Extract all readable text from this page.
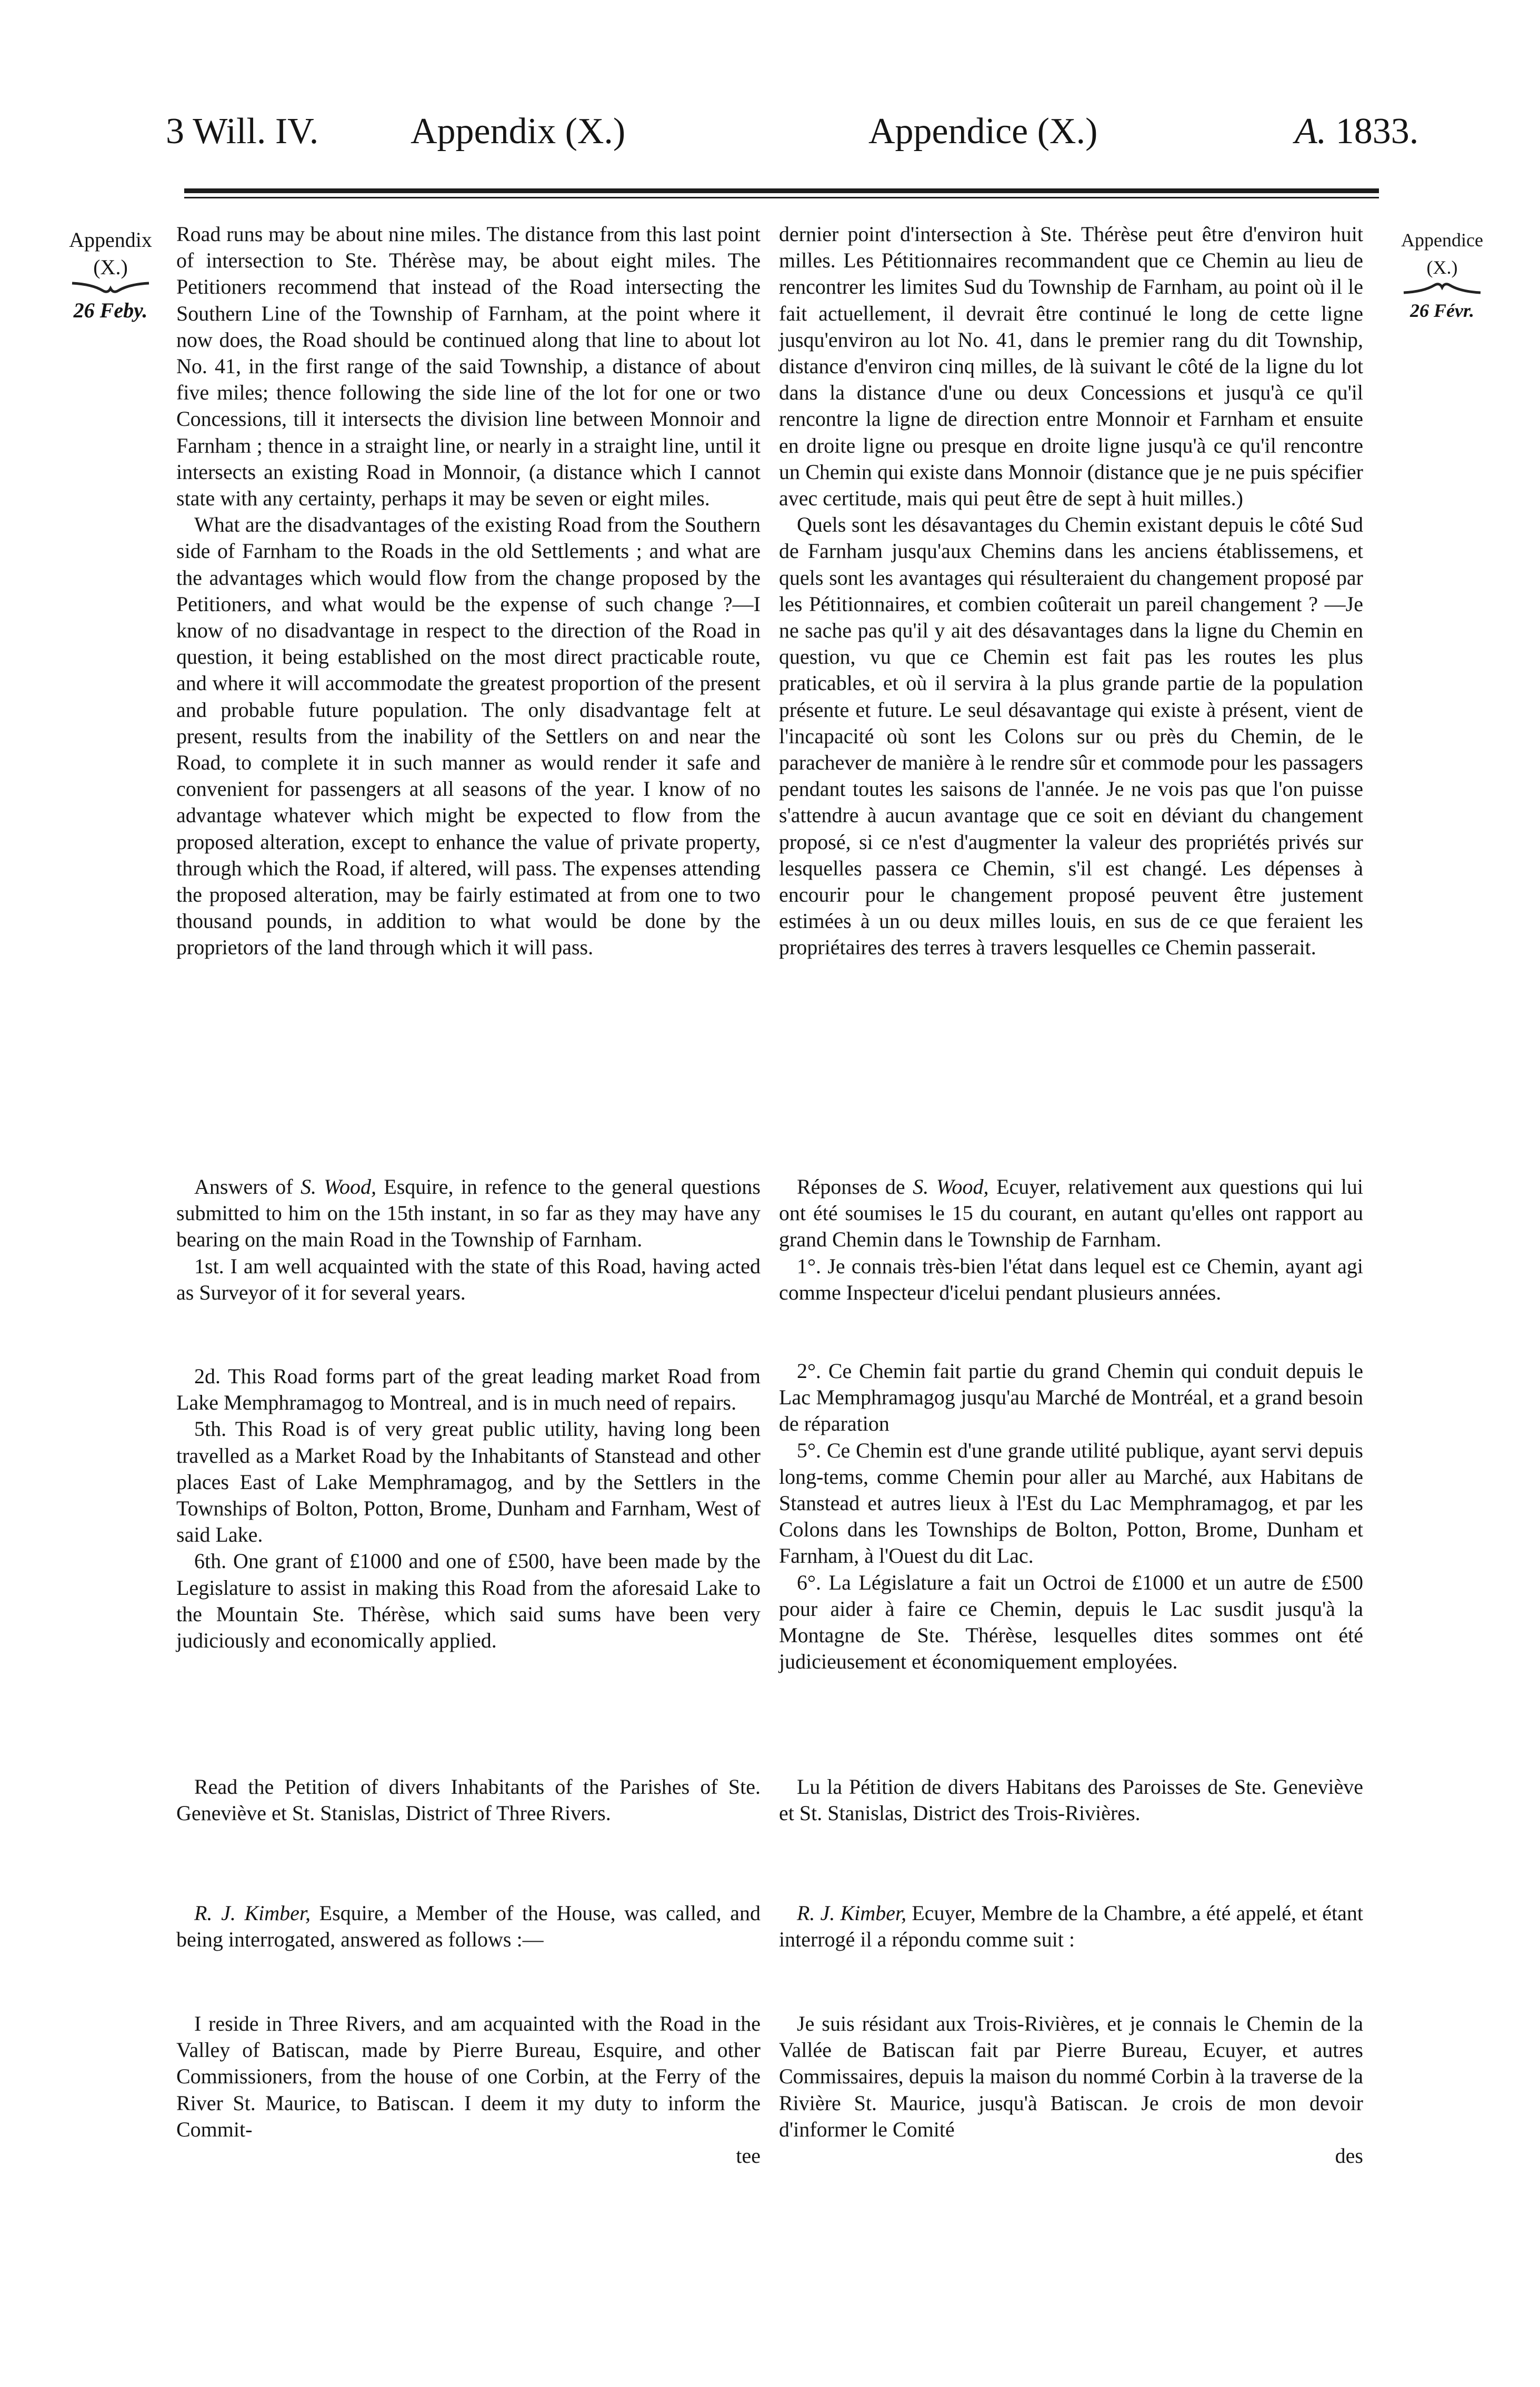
3 Will. IV. Appendix (X.)	Appendice (X.)	A. 1833.
Appendix
(X.)
26 Feby.
Appendice
(X.)
26 Févr.

Road runs may be about nine miles. The distance from this last point of intersection to Ste. Thérèse may, be about eight miles. The Petitioners recommend that instead of the Road intersecting the Southern Line of the Township of Farnham, at the point where it now does, the Road should be continued along that line to about lot No. 41, in the first range of the said Township, a distance of about five miles; thence following the side line of the lot for one or two Concessions, till it intersects the division line between Monnoir and Farnham ; thence in a straight line, or nearly in a straight line, until it intersects an existing Road in Monnoir, (a distance which I cannot state with any certainty, perhaps it may be seven or eight miles.

What are the disadvantages of the existing Road from the Southern side of Farnham to the Roads in the old Settlements ; and what are the advantages which would flow from the change proposed by the Petitioners, and what would be the expense of such change ?—I know of no disadvantage in respect to the direction of the Road in question, it being established on the most direct practicable route, and where it will accommodate the greatest proportion of the present and probable future population. The only disadvantage felt at present, results from the inability of the Settlers on and near the Road, to complete it in such manner as would render it safe and convenient for passengers at all seasons of the year. I know of no advantage whatever which might be expected to flow from the proposed alteration, except to enhance the value of private property, through which the Road, if altered, will pass. The expenses attending the proposed alteration, may be fairly estimated at from one to two thousand pounds, in addition to what would be done by the proprietors of the land through which it will pass.

Answers of S. Wood, Esquire, in refence to the general questions submitted to him on the 15th instant, in so far as they may have any bearing on the main Road in the Township of Farnham.

1st. I am well acquainted with the state of this Road, having acted as Surveyor of it for several years.

2d. This Road forms part of the great leading market Road from Lake Memphramagog to Montreal, and is in much need of repairs.

5th. This Road is of very great public utility, having long been travelled as a Market Road by the Inhabitants of Stanstead and other places East of Lake Memphramagog, and by the Settlers in the Townships of Bolton, Potton, Brome, Dunham and Farnham, West of said Lake.

6th. One grant of £1000 and one of £500, have been made by the Legislature to assist in making this Road from the aforesaid Lake to the Mountain Ste. Thérèse, which said sums have been very judiciously and economically applied.

Read the Petition of divers Inhabitants of the Parishes of Ste. Geneviève et St. Stanislas, District of Three Rivers.

R. J. Kimber, Esquire, a Member of the House, was called, and being interrogated, answered as follows :—

I reside in Three Rivers, and am acquainted with the Road in the Valley of Batiscan, made by Pierre Bureau, Esquire, and other Commissioners, from the house of one Corbin, at the Ferry of the River St. Maurice, to Batiscan. I deem it my duty to inform the Commit-

tee

dernier point d'intersection à Ste. Thérèse peut être d'environ huit milles. Les Pétitionnaires recommandent que ce Chemin au lieu de rencontrer les limites Sud du Township de Farnham, au point où il le fait actuellement, il devrait être continué le long de cette ligne jusqu'environ au lot No. 41, dans le premier rang du dit Township, distance d'environ cinq milles, de là suivant le côté de la ligne du lot dans la distance d'une ou deux Concessions et jusqu'à ce qu'il rencontre la ligne de direction entre Monnoir et Farnham et ensuite en droite ligne ou presque en droite ligne jusqu'à ce qu'il rencontre un Chemin qui existe dans Monnoir (distance que je ne puis spécifier avec certitude, mais qui peut être de sept à huit milles.)

Quels sont les désavantages du Chemin existant depuis le côté Sud de Farnham jusqu'aux Chemins dans les anciens établissemens, et quels sont les avantages qui résulteraient du changement proposé par les Pétitionnaires, et combien coûterait un pareil changement ? —Je ne sache pas qu'il y ait des désavantages dans la ligne du Chemin en question, vu que ce Chemin est fait pas les routes les plus praticables, et où il servira à la plus grande partie de la population présente et future. Le seul désavantage qui existe à présent, vient de l'incapacité où sont les Colons sur ou près du Chemin, de le parachever de manière à le rendre sûr et commode pour les passagers pendant toutes les saisons de l'année. Je ne vois pas que l'on puisse s'attendre à aucun avantage que ce soit en déviant du changement proposé, si ce n'est d'augmenter la valeur des propriétés privés sur lesquelles passera ce Chemin, s'il est changé. Les dépenses à encourir pour le changement proposé peuvent être justement estimées à un ou deux milles louis, en sus de ce que feraient les propriétaires des terres à travers lesquelles ce Chemin passerait.

Réponses de S. Wood, Ecuyer, relativement aux questions qui lui ont été soumises le 15 du courant, en autant qu'elles ont rapport au grand Chemin dans le Township de Farnham.

1°. Je connais très-bien l'état dans lequel est ce Chemin, ayant agi comme Inspecteur d'icelui pendant plusieurs années.

2°. Ce Chemin fait partie du grand Chemin qui conduit depuis le Lac Memphramagog jusqu'au Marché de Montréal, et a grand besoin de réparation

5°. Ce Chemin est d'une grande utilité publique, ayant servi depuis long-tems, comme Chemin pour aller au Marché, aux Habitans de Stanstead et autres lieux à l'Est du Lac Memphramagog, et par les Colons dans les Townships de Bolton, Potton, Brome, Dunham et Farnham, à l'Ouest du dit Lac.

6°. La Législature a fait un Octroi de £1000 et un autre de £500 pour aider à faire ce Chemin, depuis le Lac susdit jusqu'à la Montagne de Ste. Thérèse, lesquelles dites sommes ont été judicieusement et économiquement employées.

Lu la Pétition de divers Habitans des Paroisses de Ste. Geneviève et St. Stanislas, District des Trois-Rivières.

R. J. Kimber, Ecuyer, Membre de la Chambre, a été appelé, et étant interrogé il a répondu comme suit :

Je suis résidant aux Trois-Rivières, et je connais le Chemin de la Vallée de Batiscan fait par Pierre Bureau, Ecuyer, et autres Commissaires, depuis la maison du nommé Corbin à la traverse de la Rivière St. Maurice, jusqu'à Batiscan. Je crois de mon devoir d'informer le Comité

des
